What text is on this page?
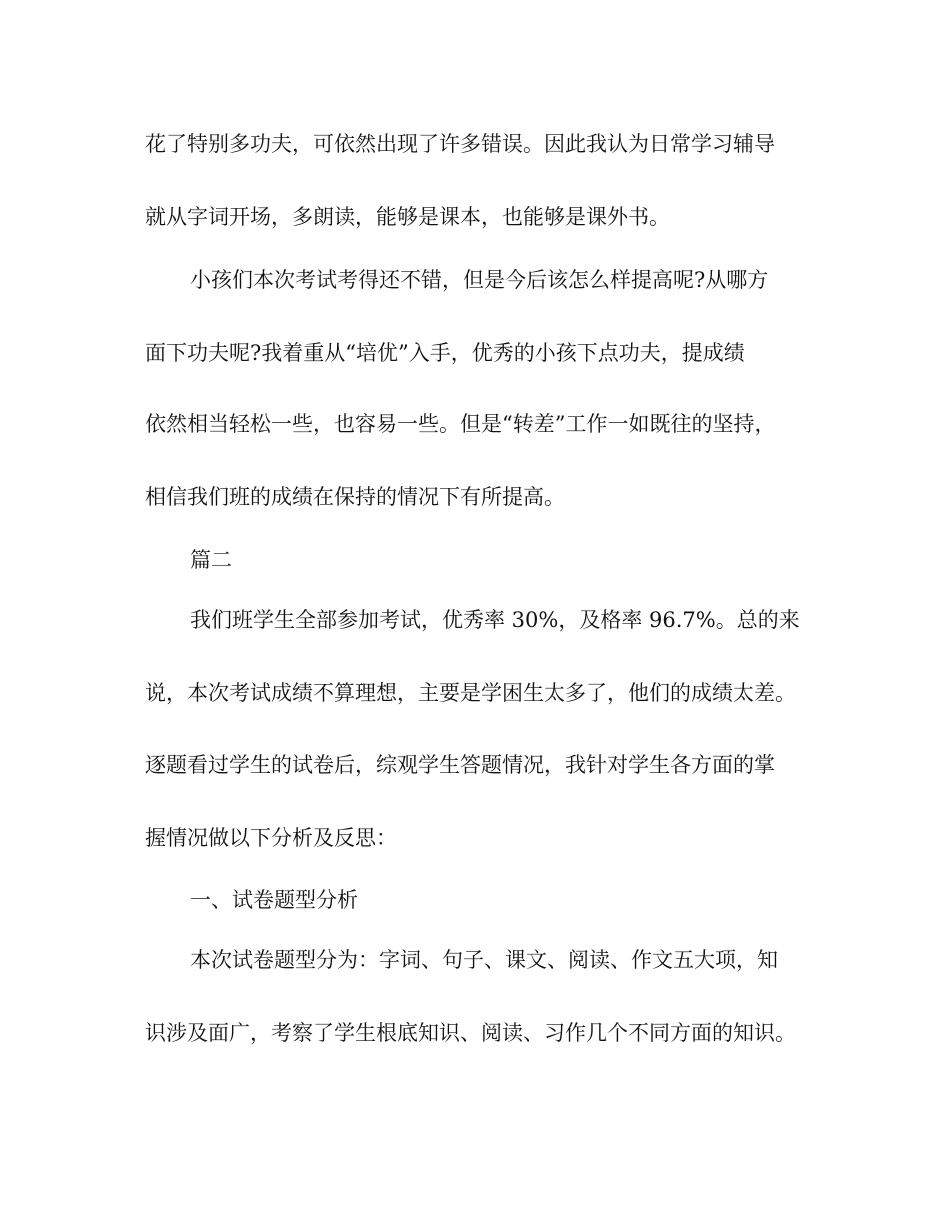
花了特别多功夫，可依然出现了许多错误。因此我认为日常学习辅导
就从字词开场，多朗读，能够是课本，也能够是课外书。
小孩们本次考试考得还不错，但是今后该怎么样提高呢?从哪方
面下功夫呢?我着重从“培优”入手，优秀的小孩下点功夫，提成绩
依然相当轻松一些，也容易一些。但是“转差”工作一如既往的坚持，
相信我们班的成绩在保持的情况下有所提高。
篇二
我们班学生全部参加考试，优秀率 30%，及格率 96.7%。总的来
说，本次考试成绩不算理想，主要是学困生太多了，他们的成绩太差。
逐题看过学生的试卷后，综观学生答题情况，我针对学生各方面的掌
握情况做以下分析及反思：
一、试卷题型分析
本次试卷题型分为：字词、句子、课文、阅读、作文五大项，知
识涉及面广，考察了学生根底知识、阅读、习作几个不同方面的知识。
